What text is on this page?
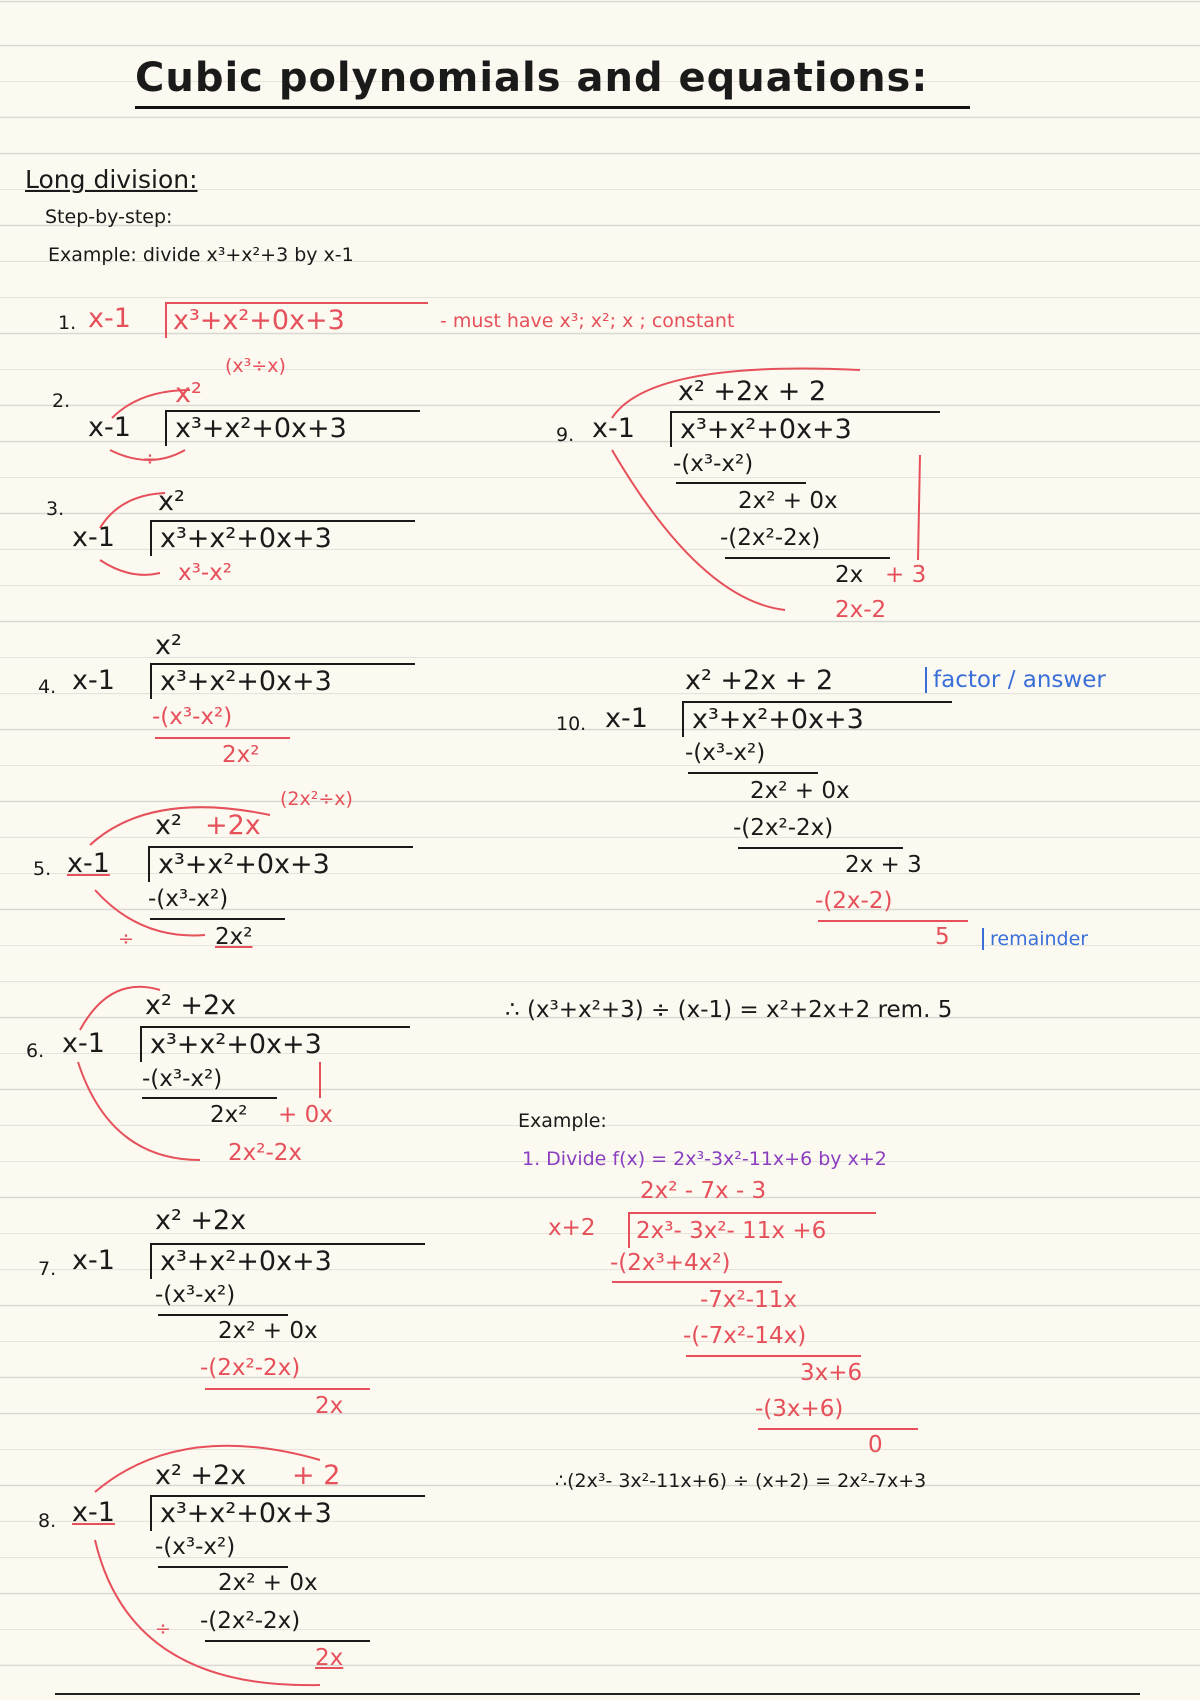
Cubic polynomials and equations:
Long division:
Step-by-step:
Example: divide x³+x²+3 by x-1
1. x-1 x³+x²+0x+3	- must have x³; x²; x ; constant
2.
(x³÷x)
x²
x-1	x³+x²+0x+3
÷
3.	x²
x-1	x³+x²+0x+3
x³-x²
4.
x²
x-1	x³+x²+0x+3
-(x³-x²)
2x²
5.
(2x²÷x)
x² +2x
x-1	x³+x²+0x+3
-(x³-x²)
2x²
÷
6.
x² +2x
x-1	x³+x²+0x+3
-(x³-x²)
2x² + 0x
2x²-2x
7.
x² +2x
x-1	x³+x²+0x+3
-(x³-x²)
2x² + 0x
-(2x²-2x)
2x
8.
x² +2x + 2
x-1	x³+x²+0x+3
-(x³-x²)
2x² + 0x
-(2x²-2x)
2x
÷
9.
x² +2x + 2
x-1	x³+x²+0x+3
-(x³-x²)
2x² + 0x
-(2x²-2x)
2x + 3
2x-2
10.
x² +2x + 2	factor / answer
x-1	x³+x²+0x+3
-(x³-x²)
2x² + 0x
-(2x²-2x)
2x + 3
-(2x-2)
5	remainder
∴ (x³+x²+3) ÷ (x-1) = x²+2x+2 rem. 5
Example:
1. Divide f(x) = 2x³-3x²-11x+6 by x+2
2x² - 7x - 3
x+2	2x³- 3x²- 11x +6
-(2x³+4x²)
-7x²-11x
-(-7x²-14x)
3x+6
-(3x+6)
0
∴(2x³- 3x²-11x+6) ÷ (x+2) = 2x²-7x+3
